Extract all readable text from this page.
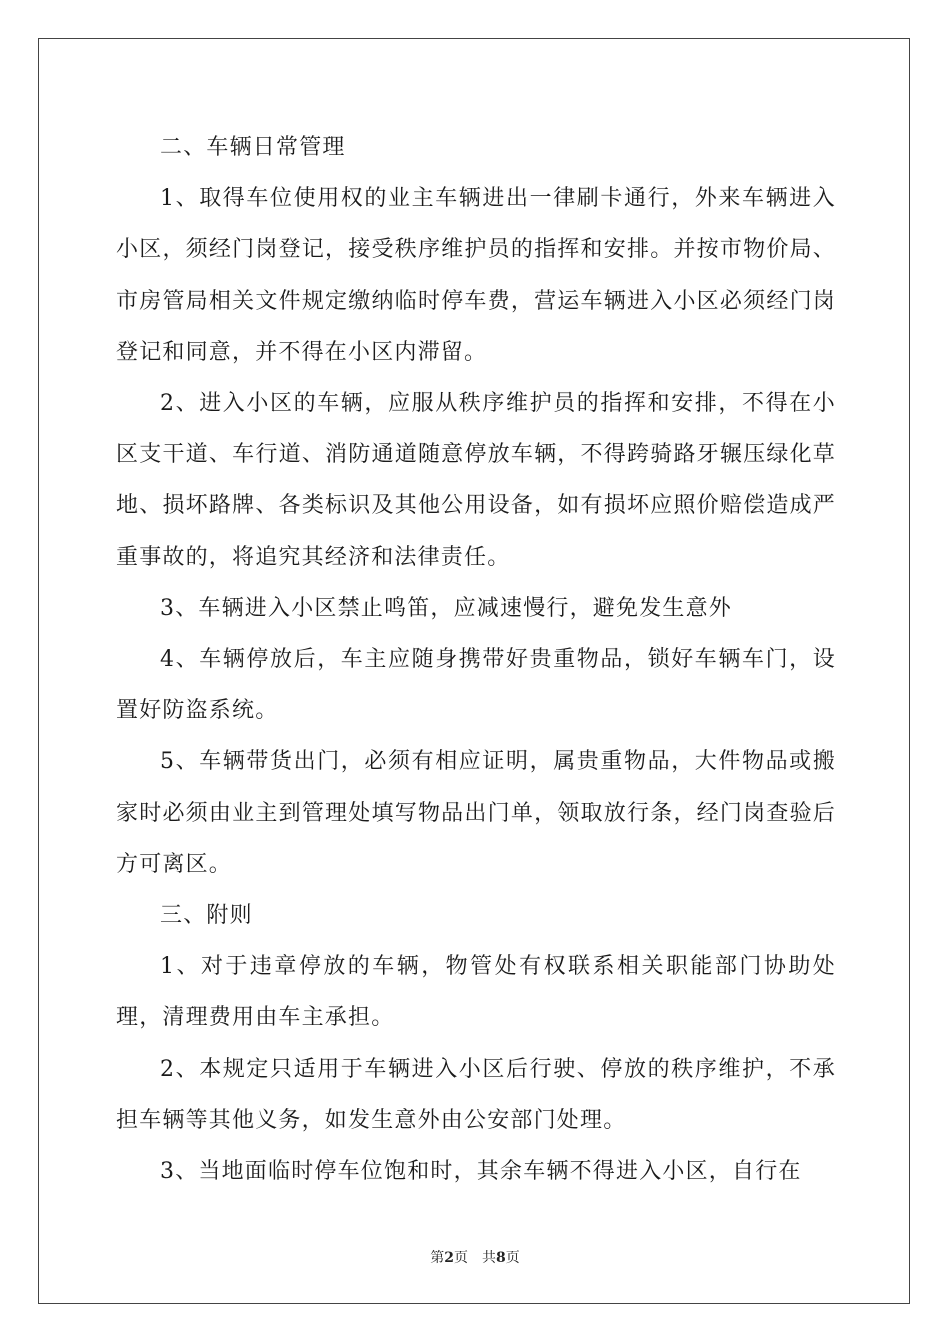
二、车辆日常管理

1、取得车位使用权的业主车辆进出一律刷卡通行，外来车辆进入小区，须经门岗登记，接受秩序维护员的指挥和安排。并按市物价局、市房管局相关文件规定缴纳临时停车费，营运车辆进入小区必须经门岗登记和同意，并不得在小区内滞留。

2、进入小区的车辆，应服从秩序维护员的指挥和安排，不得在小区支干道、车行道、消防通道随意停放车辆，不得跨骑路牙辗压绿化草地、损坏路牌、各类标识及其他公用设备，如有损坏应照价赔偿造成严重事故的，将追究其经济和法律责任。

3、车辆进入小区禁止鸣笛，应减速慢行，避免发生意外

4、车辆停放后，车主应随身携带好贵重物品，锁好车辆车门，设置好防盗系统。

5、车辆带货出门，必须有相应证明，属贵重物品，大件物品或搬家时必须由业主到管理处填写物品出门单，领取放行条，经门岗查验后方可离区。

三、附则

1、对于违章停放的车辆，物管处有权联系相关职能部门协助处理，清理费用由车主承担。

2、本规定只适用于车辆进入小区后行驶、停放的秩序维护，不承担车辆等其他义务，如发生意外由公安部门处理。

3、当地面临时停车位饱和时，其余车辆不得进入小区，自行在

第2页 共8页
